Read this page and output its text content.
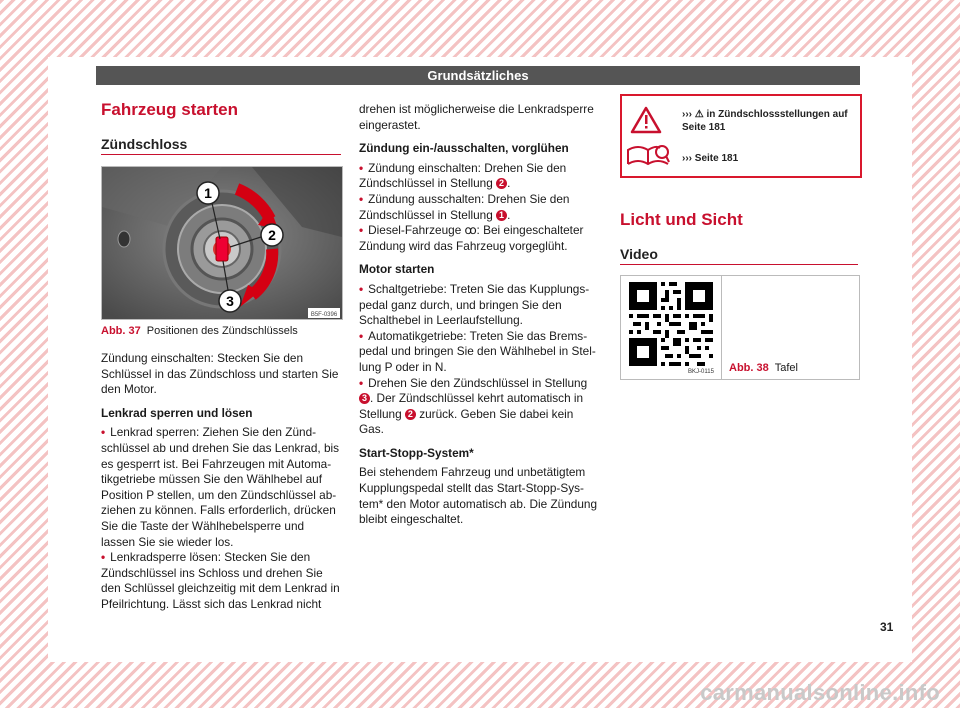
Grundsätzliches
Fahrzeug starten
Zündschloss
1
2
3
B5F-0396
Abb. 37 Positionen des Zündschlüssels

Zündung einschalten: Stecken Sie den Schlüssel in das Zündschloss und starten Sie den Motor.

Lenkrad sperren und lösen

• Lenkrad sperren: Ziehen Sie den Zündschlüssel ab und drehen Sie das Lenkrad, bis es gesperrt ist. Bei Fahrzeugen mit Automatikgetriebe müssen Sie den Wählhebel auf Position P stellen, um den Zündschlüssel abziehen zu können. Falls erforderlich, drücken Sie die Taste der Wählhebelsperre und lassen Sie sie wieder los.
• Lenkradsperre lösen: Stecken Sie den Zündschlüssel ins Schloss und drehen Sie den Schlüssel gleichzeitig mit dem Lenkrad in Pfeilrichtung. Lässt sich das Lenkrad nicht

drehen ist möglicherweise die Lenkradsperre eingerastet.

Zündung ein-/ausschalten, vorglühen

• Zündung einschalten: Drehen Sie den Zündschlüssel in Stellung 2 .
• Zündung ausschalten: Drehen Sie den Zündschlüssel in Stellung 1 .
• Diesel-Fahrzeuge ꝏ: Bei eingeschalteter Zündung wird das Fahrzeug vorgeglüht.

Motor starten

• Schaltgetriebe: Treten Sie das Kupplungspedal ganz durch, und bringen Sie den Schalthebel in Leerlaufstellung.
• Automatikgetriebe: Treten Sie das Bremspedal und bringen Sie den Wählhebel in Stellung P oder in N.
• Drehen Sie den Zündschlüssel in Stellung 3 . Der Zündschlüssel kehrt automatisch in Stellung 2 zurück. Geben Sie dabei kein Gas.

Start-Stopp-System*

Bei stehendem Fahrzeug und unbetätigtem Kupplungspedal stellt das Start-Stopp-System* den Motor automatisch ab. Die Zündung bleibt eingeschaltet.

››› ⚠ in Zündschlossstellungen auf
Seite 181
››› Seite 181
Licht und Sicht
Video
BKJ-0115 Abb. 38 Tafel
31
carmanualsonline.info
